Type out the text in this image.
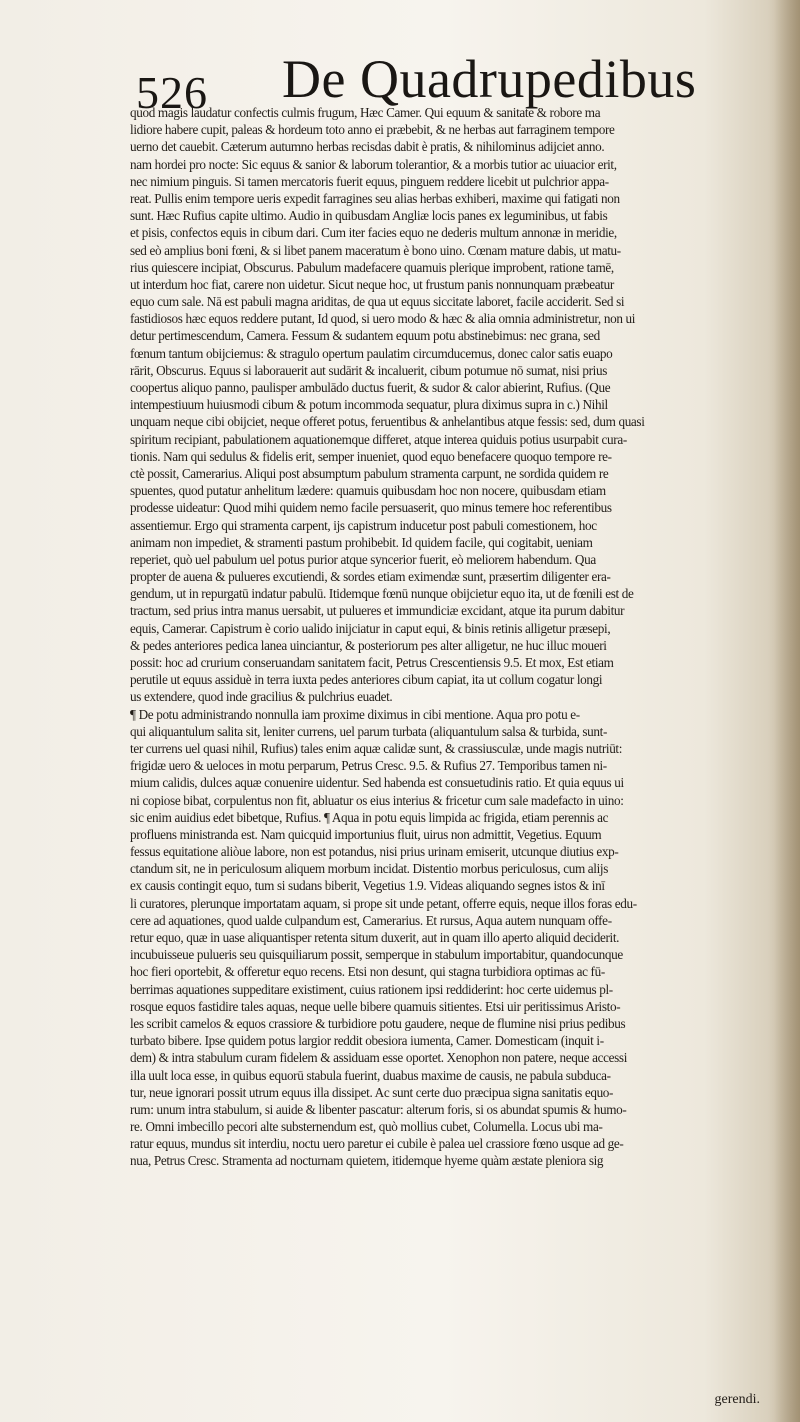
526 De Quadrupedibus
quod magis laudatur confectis culmis frugum, Hæc Camer. Qui equum & sanitate & robore ma
lidiore habere cupit, paleas & hordeum toto anno ei præbebit, & ne herbas aut farraginem tempore
uerno det cauebit. Cæterum autumno herbas recisdas dabit è pratis, & nihilominus adijciet anno.
nam hordei pro nocte: Sic equus & sanior & laborum tolerantior, & a morbis tutior ac uiuacior erit,
nec nimium pinguis. Si tamen mercatoris fuerit equus, pinguem reddere licebit ut pulchrior appa-
reat. Pullis enim tempore ueris expedit farragines seu alias herbas exhiberi, maxime qui fatigati non
sunt. Hæc Rufius capite ultimo. Audio in quibusdam Angliæ locis panes ex leguminibus, ut fabis
et pisis, confectos equis in cibum dari. Cum iter facies equo ne dederis multum annonæ in meridie,
sed eò amplius boni fœni, & si libet panem maceratum è bono uino. Cœnam mature dabis, ut matu-
rius quiescere incipiat, Obscurus. Pabulum madefacere quamuis plerique improbent, ratione tamē,
ut interdum hoc fiat, carere non uidetur. Sicut neque hoc, ut frustum panis nonnunquam præbeatur
equo cum sale. Nā est pabuli magna ariditas, de qua ut equus siccitate laboret, facile acciderit. Sed si
fastidiosos hæc equos reddere putant, Id quod, si uero modo & hæc & alia omnia administretur, non ui
detur pertimescendum, Camera. Fessum & sudantem equum potu abstinebimus: nec grana, sed
fœnum tantum obijciemus: & stragulo opertum paulatim circumducemus, donec calor satis euapo
rārit, Obscurus. Equus si laborauerit aut sudārit & incaluerit, cibum potumue nō sumat, nisi prius
coopertus aliquo panno, paulisper ambulādo ductus fuerit, & sudor & calor abierint, Rufius. (Que
intempestiuum huiusmodi cibum & potum incommoda sequatur, plura diximus supra in c.) Nihil
unquam neque cibi obijciet, neque offeret potus, feruentibus & anhelantibus atque fessis: sed, dum quasi
spiritum recipiant, pabulationem aquationemque differet, atque interea quiduis potius usurpabit cura-
tionis. Nam qui sedulus & fidelis erit, semper inueniet, quod equo benefacere quoquo tempore re-
ctè possit, Camerarius. Aliqui post absumptum pabulum stramenta carpunt, ne sordida quidem re
spuentes, quod putatur anhelitum lædere: quamuis quibusdam hoc non nocere, quibusdam etiam
prodesse uideatur: Quod mihi quidem nemo facile persuaserit, quo minus temere hoc referentibus
assentiemur. Ergo qui stramenta carpent, ijs capistrum inducetur post pabuli comestionem, hoc
animam non impediet, & stramenti pastum prohibebit. Id quidem facile, qui cogitabit, ueniam
reperiet, quò uel pabulum uel potus purior atque syncerior fuerit, eò meliorem habendum. Qua
propter de auena & pulueres excutiendi, & sordes etiam eximendæ sunt, præsertim diligenter era-
gendum, ut in repurgatū indatur pabulū. Itidemque fœnū nunque obijcietur equo ita, ut de fœnili est de
tractum, sed prius intra manus uersabit, ut pulueres et immundiciæ excidant, atque ita purum dabitur
equis, Camerar. Capistrum è corio ualido inijciatur in caput equi, & binis retinis alligetur præsepi,
& pedes anteriores pedica lanea uinciantur, & posteriorum pes alter alligetur, ne huc illuc moueri
possit: hoc ad crurium conseruandam sanitatem facit, Petrus Crescentiensis 9.5. Et mox, Est etiam
perutile ut equus assiduè in terra iuxta pedes anteriores cibum capiat, ita ut collum cogatur longi
us extendere, quod inde gracilius & pulchrius euadet.
¶ De potu administrando nonnulla iam proxime diximus in cibi mentione. Aqua pro potu e-
qui aliquantulum salita sit, leniter currens, uel parum turbata (aliquantulum salsa & turbida, sunt-
ter currens uel quasi nihil, Rufius) tales enim aquæ calidæ sunt, & crassiusculæ, unde magis nutriūt:
frigidæ uero & ueloces in motu perparum, Petrus Cresc. 9.5. & Rufius 27. Temporibus tamen ni-
mium calidis, dulces aquæ conuenire uidentur. Sed habenda est consuetudinis ratio. Et quia equus ui
ni copiose bibat, corpulentus non fit, abluatur os eius interius & fricetur cum sale madefacto in uino:
sic enim auidius edet bibetque, Rufius. ¶ Aqua in potu equis limpida ac frigida, etiam perennis ac
profluens ministranda est. Nam quicquid importunius fluit, uirus non admittit, Vegetius. Equum
fessus equitatione aliòue labore, non est potandus, nisi prius urinam emiserit, utcunque diutius exp-
ctandum sit, ne in periculosum aliquem morbum incidat. Distentio morbus periculosus, cum alijs
ex causis contingit equo, tum si sudans biberit, Vegetius 1.9. Videas aliquando segnes istos & inī
li curatores, plerunque importatam aquam, si prope sit unde petant, offerre equis, neque illos foras edu-
cere ad aquationes, quod ualde culpandum est, Camerarius. Et rursus, Aqua autem nunquam offe-
retur equo, quæ in uase aliquantisper retenta situm duxerit, aut in quam illo aperto aliquid deciderit.
incubuisseue pulueris seu quisquiliarum possit, semperque in stabulum importabitur, quandocunque
hoc fieri oportebit, & offeretur equo recens. Etsi non desunt, qui stagna turbidiora optimas ac fū-
berrimas aquationes suppeditare existiment, cuius rationem ipsi reddiderint: hoc certe uidemus pl-
rosque equos fastidire tales aquas, neque uelle bibere quamuis sitientes. Etsi uir peritissimus Aristo-
les scribit camelos & equos crassiore & turbidiore potu gaudere, neque de flumine nisi prius pedibus
turbato bibere. Ipse quidem potus largior reddit obesiora iumenta, Camer. Domesticam (inquit i-
dem) & intra stabulum curam fidelem & assiduam esse oportet. Xenophon non patere, neque accessi
illa uult loca esse, in quibus equorū stabula fuerint, duabus maxime de causis, ne pabula subduca-
tur, neue ignorari possit utrum equus illa dissipet. Ac sunt certe duo præcipua signa sanitatis equo-
rum: unum intra stabulum, si auide & libenter pascatur: alterum foris, si os abundat spumis & humo-
re. Omni imbecillo pecori alte substernendum est, quò mollius cubet, Columella. Locus ubi ma-
ratur equus, mundus sit interdiu, noctu uero paretur ei cubile è palea uel crassiore fœno usque ad ge-
nua, Petrus Cresc. Stramenta ad nocturnam quietem, itidemque hyeme quàm æstate pleniora sig
gerendi.
